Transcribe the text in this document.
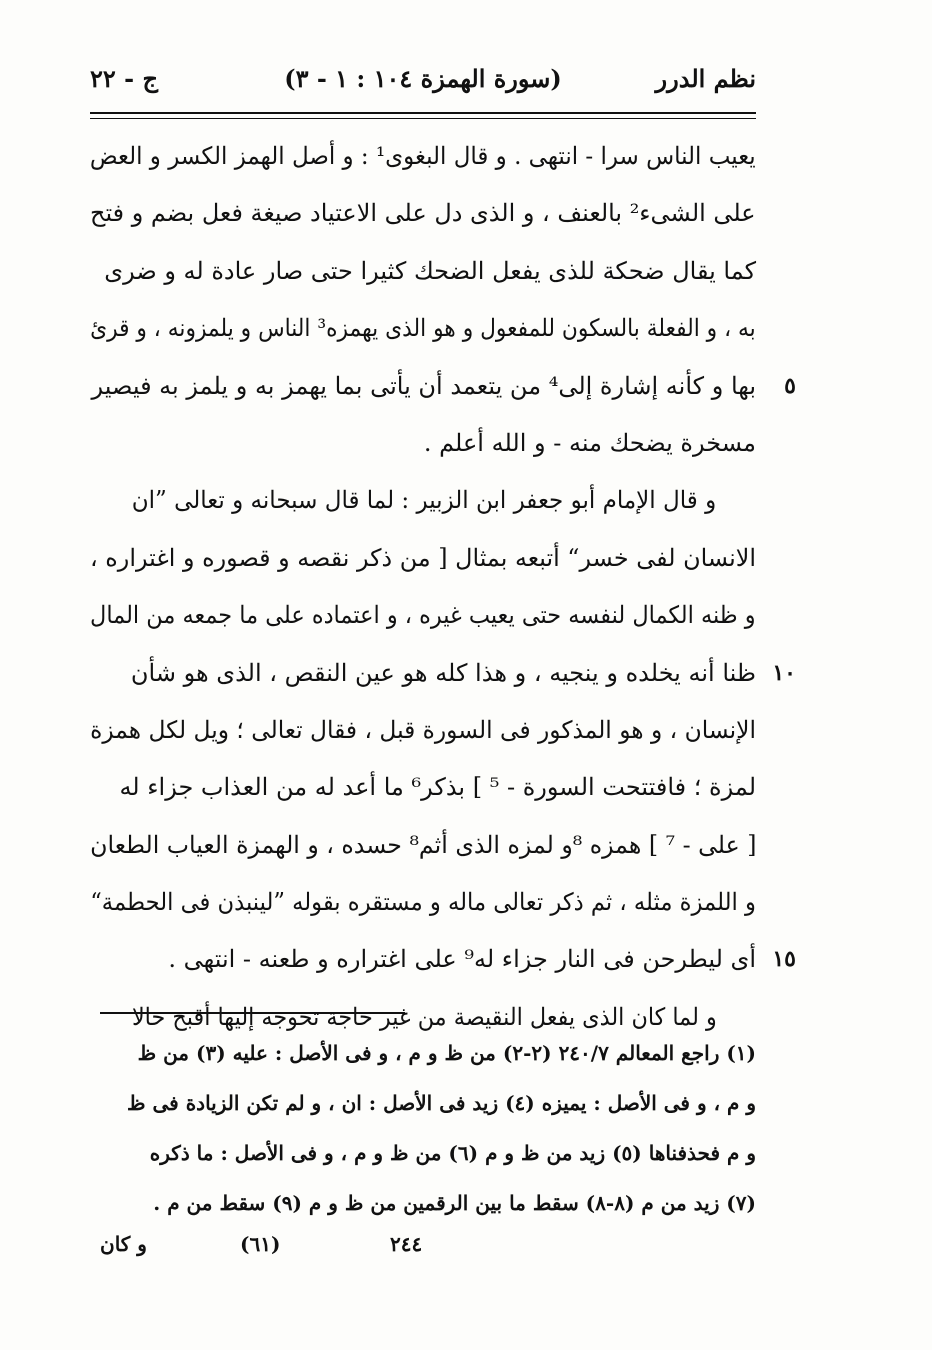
نظم الدرر
(سورة الهمزة ١٠٤ : ١ - ٣)
ج - ٢٢
يعيب الناس سرا - انتهى . و قال البغوى¹ : و أصل الهمز الكسر و العض
على الشىء² بالعنف ، و الذى دل على الاعتياد صيغة فعل بضم و فتح
كما يقال ضحكة للذى يفعل الضحك كثيرا حتى صار عادة له و ضرى
به ، و الفعلة بالسكون للمفعول و هو الذى يهمزه³ الناس و يلمزونه ، و قرئ
٥
بها و كأنه إشارة إلى⁴ من يتعمد أن يأتى بما يهمز به و يلمز به فيصير
مسخرة يضحك منه - و الله أعلم .
و قال الإمام أبو جعفر ابن الزبير : لما قال سبحانه و تعالى ”ان
الانسان لفى خسر“ أتبعه بمثال [ من ذكر نقصه و قصوره و اغتراره ،
و ظنه الكمال لنفسه حتى يعيب غيره ، و اعتماده على ما جمعه من المال
١٠
ظنا أنه يخلده و ينجيه ، و هذا كله هو عين النقص ، الذى هو شأن
الإنسان ، و هو المذكور فى السورة قبل ، فقال تعالى ؛ ويل لكل همزة
لمزة ؛ فافتتحت السورة - ⁵ ] بذكر⁶ ما أعد له من العذاب جزاء له
[ على - ⁷ ] همزه ⁸و لمزه الذى أثم⁸ حسده ، و الهمزة العياب الطعان
و اللمزة مثله ، ثم ذكر تعالى ماله و مستقره بقوله ”لينبذن فى الحطمة“
١٥
أى ليطرحن فى النار جزاء له⁹ على اغتراره و طعنه - انتهى .
و لما كان الذى يفعل النقيصة من غير حاجة تحوجه إليها أقبح حالا
(١) راجع المعالم ٢٤٠/٧ (٢-٢) من ظ و م ، و فى الأصل : عليه (٣) من ظ و م ، و فى الأصل : يميزه (٤) زيد فى الأصل : ان ، و لم تكن الزيادة فى ظ و م فحذفناها (٥) زيد من ظ و م (٦) من ظ و م ، و فى الأصل : ما ذكره (٧) زيد من م (٨-٨) سقط ما بين الرقمين من ظ و م (٩) سقط من م .
٢٤٤
(٦١)
و كان
